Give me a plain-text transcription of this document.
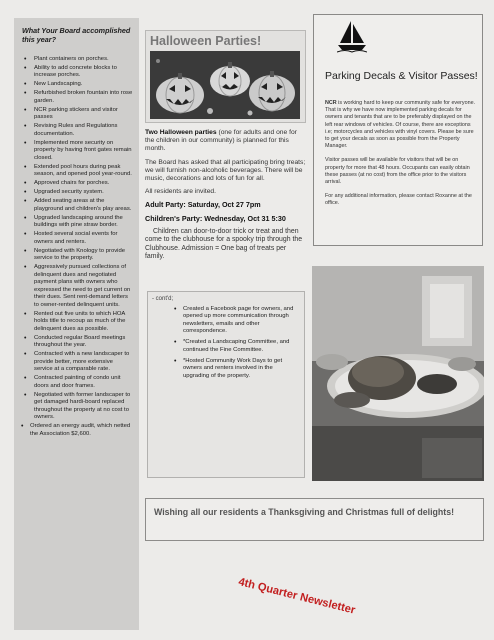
What Your Board accomplished this year?
• Plant containers on porches.
• Ability to add concrete blocks to increase porches.
• New Landscaping.
• Refurbished broken fountain into rose garden.
• NCR parking stickers and visitor passes
• Revising Rules and Regulations documentation.
• Implemented more security on property by having front gates remain closed.
• Extended pool hours during peak season, and opened pool year-round.
• Approved chairs for porches.
• Upgraded security system.
• Added seating areas at the playground and children's play areas.
• Upgraded landscaping around the buildings with pine straw border.
• Hosted several social events for owners and renters.
• Negotiated with Knology to provide service to the property.
• Aggressively pursued collections of delinquent dues and negotiated payment plans with owners who expressed the need to get current on their dues. Sent rent-demand letters to owner-rented delinquent units.
• Rented out five units to which HOA holds title to recoup as much of the delinquent dues as possible.
• Conducted regular Board meetings throughout the year.
• Contracted with a new landscaper to provide better, more extensive service at a comparable rate.
• Contracted painting of condo unit doors and door frames.
• Negotiated with former landscaper to get damaged hardi-board replaced throughout the property at no cost to owners.
• Ordered an energy audit, which netted the Association $2,600.
Halloween Parties!

Two Halloween parties (one for adults and one for the children in our community) is planned for this month.

The Board has asked that all participating bring treats; we will furnish non-alcoholic beverages. There will be music, decorations and lots of fun for all.

All residents are invited.

Adult Party: Saturday, Oct 27 7pm

Children's Party: Wednesday, Oct 31 5:30

Children can door-to-door trick or treat and then come to the clubhouse for a spooky trip through the Clubhouse. Admission = One bag of treats per family.

Parking Decals & Visitor Passes!

NCR is working hard to keep our community safe for everyone. That is why we have now implemented parking decals for owners and tenants that are to be preferably displayed on the left rear windows of vehicles. Of course, there are exceptions i.e; motorcycles and vehicles with vinyl covers. Please be sure to get your decals as soon as possible from the Property Manager.

Visitor passes will be available for visitors that will be on property for more that 48 hours. Occupants can easily obtain these passes (at no cost) from the office prior to the visitors arrival.

For any additional information, please contact Roxanne at the office.

- cont'd;
• Created a Facebook page for owners, and opened up more communication through newsletters, emails and other correspondence.
• *Created a Landscaping Committee, and continued the Fine Committee.
• *Hosted Community Work Days to get owners and renters involved in the upgrading of the property.
Wishing all our residents a Thanksgiving and Christmas full of delights!
4th Quarter Newsletter
